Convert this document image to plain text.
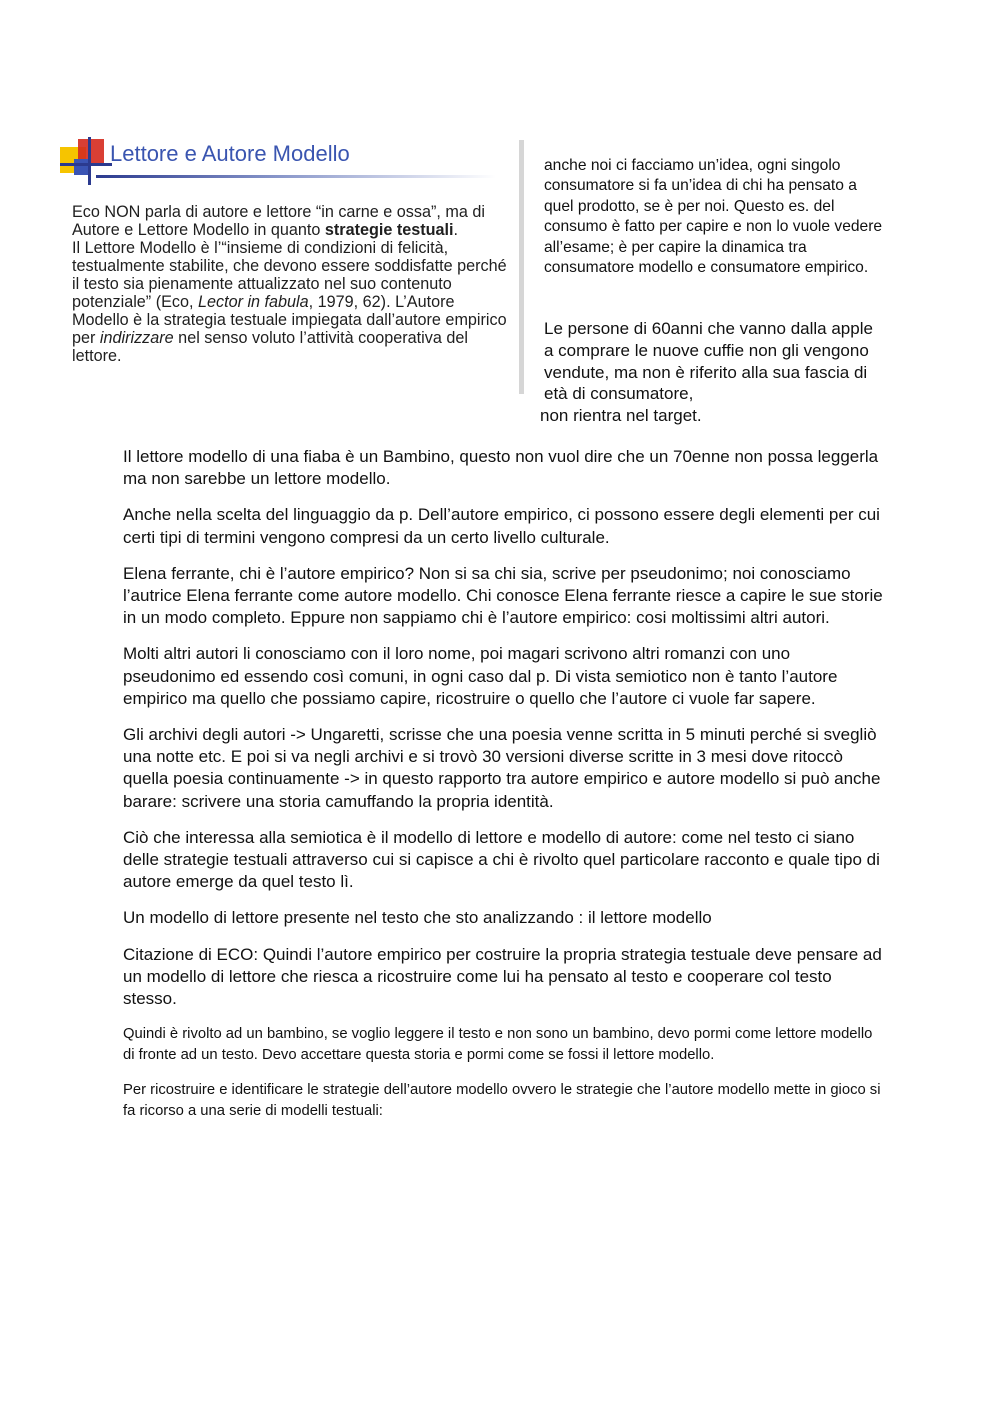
Lettore e Autore Modello

Eco NON parla di autore e lettore “in carne e ossa”, ma di Autore e Lettore Modello in quanto strategie testuali.

Il Lettore Modello è l’“insieme di condizioni di felicità, testualmente stabilite, che devono essere soddisfatte perché il testo sia pienamente attualizzato nel suo contenuto potenziale” (Eco, Lector in fabula, 1979, 62). L’Autore Modello è la strategia testuale impiegata dall’autore empirico per indirizzare nel senso voluto l’attività cooperativa del lettore.

anche noi ci facciamo un’idea, ogni singolo consumatore si fa un’idea di chi ha pensato a quel prodotto, se è per noi. Questo es. del consumo è fatto per capire e non lo vuole vedere all’esame; è per capire la dinamica tra consumatore modello e consumatore empirico.
Le persone di 60anni che vanno dalla apple a comprare le nuove cuffie non gli vengono vendute, ma non è riferito alla sua fascia di età di consumatore,
non rientra nel target.

Il lettore modello di una fiaba è un Bambino, questo non vuol dire che un 70enne non possa leggerla ma non sarebbe un lettore modello.

Anche nella scelta del linguaggio da p. Dell’autore empirico, ci possono essere degli elementi per cui certi tipi di termini vengono compresi da un certo livello culturale.

Elena ferrante, chi è l’autore empirico? Non si sa chi sia, scrive per pseudonimo; noi conosciamo l’autrice Elena ferrante come autore modello. Chi conosce Elena ferrante riesce a capire le sue storie in un modo completo. Eppure non sappiamo chi è l’autore empirico: cosi moltissimi altri autori.

Molti altri autori li conosciamo con il loro nome, poi magari scrivono altri romanzi con uno pseudonimo ed essendo così comuni, in ogni caso dal p. Di vista semiotico non è tanto l’autore empirico ma quello che possiamo capire, ricostruire o quello che l’autore ci vuole far sapere.

Gli archivi degli autori -> Ungaretti, scrisse che una poesia venne scritta in 5 minuti perché si svegliò una notte etc. E poi si va negli archivi e si trovò 30 versioni diverse scritte in 3 mesi dove ritoccò quella poesia continuamente -> in questo rapporto tra autore empirico e autore modello si può anche barare: scrivere una storia camuffando la propria identità.

Ciò che interessa alla semiotica è il modello di lettore e modello di autore: come nel testo ci siano delle strategie testuali attraverso cui si capisce a chi è rivolto quel particolare racconto e quale tipo di autore emerge da quel testo lì.

Un modello di lettore presente nel testo che sto analizzando : il lettore modello

Citazione di ECO: Quindi l’autore empirico per costruire la propria strategia testuale deve pensare ad un modello di lettore che riesca a ricostruire come lui ha pensato al testo e cooperare col testo stesso.

Quindi è rivolto ad un bambino, se voglio leggere il testo e non sono un bambino, devo pormi come lettore modello di fronte ad un testo. Devo accettare questa storia e pormi come se fossi il lettore modello.

Per ricostruire e identificare le strategie dell’autore modello ovvero le strategie che l’autore modello mette in gioco si fa ricorso a una serie di modelli testuali:
